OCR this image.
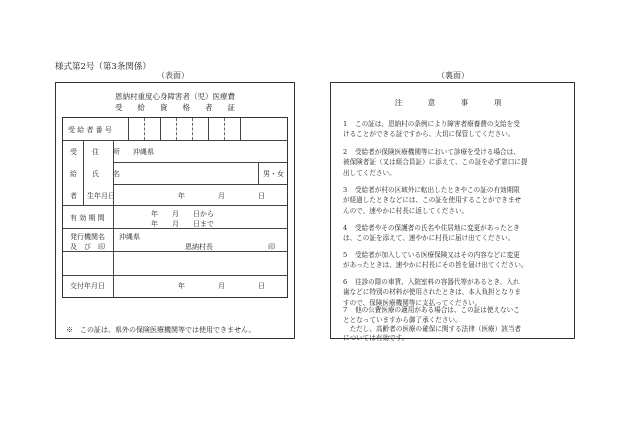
様式第2号（第3条関係）
（表面）	（裏面）
恩納村重度心身障害者（児）医療費
受　　給　　資　　格　　者　　証
受 給 者 番 号
受
給
者
住　　所 沖縄県
氏　　名	男・女
生年月日	年	月	日
有 効 期 間	年　　月　　日から
年　　月　　日まで
発行機関名
及　び　印
沖縄県
恩納村長	印
交付年月日	年	月	日
※　この証は、県外の保険医療機関等では使用できません。
注　意　事　項
1 この証は、恩納村の条例により障害者療養費の支給を受
けることができる証ですから、大切に保管してください。
2 受給者が保険医療機関等において診療を受ける場合は、
被保険者証（又は組合員証）に添えて、この証を必ず窓口に提
出してください。
3 受給者が村の区域外に転出したときやこの証の有効期限
が経過したときなどには、この証を使用することができませ
んので、速やかに村長に返してください。
4 受給者やその保護者の氏名や住居地に変更があったとき
は、この証を添えて、速やかに村長に届け出てください。
5 受給者が加入している医療保険又はその内容などに変更
があったときは、速やかに村長にその旨を届け出てください。
6 往診の際の車賃、入院室料の容器代等があるとき、入れ
歯などに特別の材料が使用されたときは、本人負担となりま
すので、保険医療機関等に支払ってください。
7 他の公費医療の適用がある場合は、この証は使えないこ
ととなっていますから御了承ください。
　ただし、高齢者の医療の確保に関する法律（医療）該当者
については有効です。
